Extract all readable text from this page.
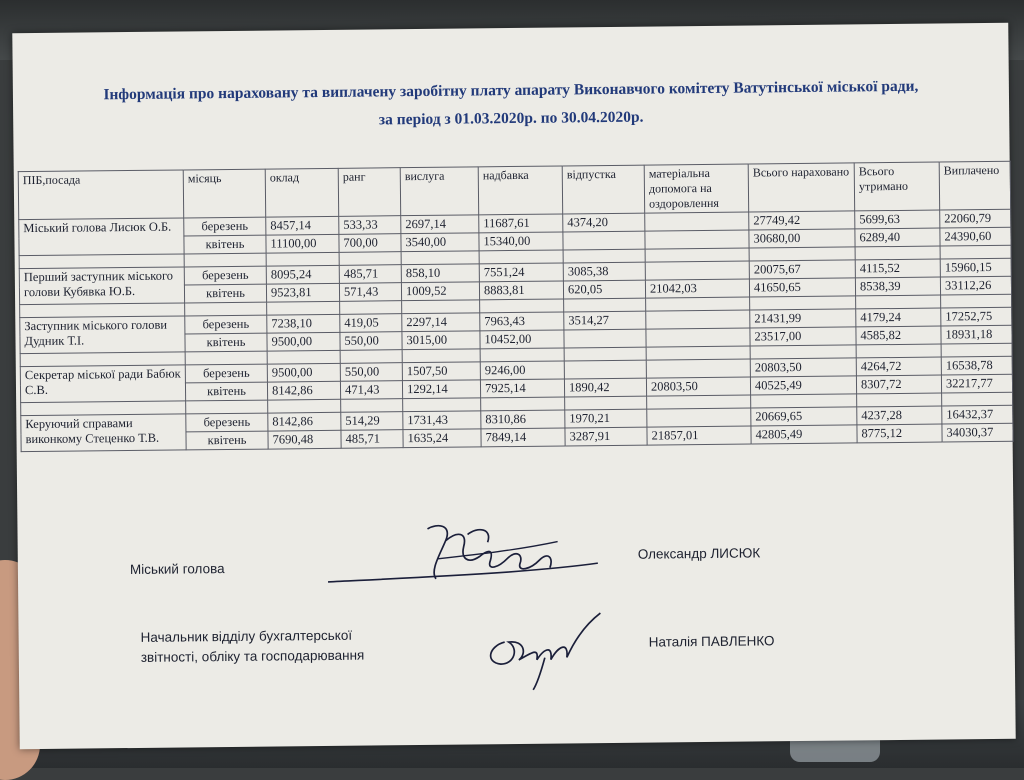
Інформація про нараховану та виплачену заробітну плату апарату Виконавчого комітету Ватутінської міської ради,
за період з 01.03.2020р. по 30.04.2020р.
ПІБ,посада	місяць	оклад	ранг	вислуга	надбавка	відпустка	матеріальна допомога на оздоровлення	Всього нараховано	Всього утримано	Виплачено
Міський голова Лисюк О.Б.	березень	8457,14	533,33	2697,14	11687,61	4374,20		27749,42	5699,63	22060,79
	квітень	11100,00	700,00	3540,00	15340,00			30680,00	6289,40	24390,60

Перший заступник міського голови Кубявка Ю.Б.	березень	8095,24	485,71	858,10	7551,24	3085,38		20075,67	4115,52	15960,15
	квітень	9523,81	571,43	1009,52	8883,81	620,05	21042,03	41650,65	8538,39	33112,26

Заступник міського голови Дудник Т.І.	березень	7238,10	419,05	2297,14	7963,43	3514,27		21431,99	4179,24	17252,75
	квітень	9500,00	550,00	3015,00	10452,00			23517,00	4585,82	18931,18

Секретар міської ради Бабюк С.В.	березень	9500,00	550,00	1507,50	9246,00			20803,50	4264,72	16538,78
	квітень	8142,86	471,43	1292,14	7925,14	1890,42	20803,50	40525,49	8307,72	32217,77

Керуючий справами виконкому Стеценко Т.В.	березень	8142,86	514,29	1731,43	8310,86	1970,21		20669,65	4237,28	16432,37
	квітень	7690,48	485,71	1635,24	7849,14	3287,91	21857,01	42805,49	8775,12	34030,37
Міський голова
Олександр ЛИСЮК
Начальник відділу бухгалтерської
звітності, обліку та господарювання
Наталія ПАВЛЕНКО
